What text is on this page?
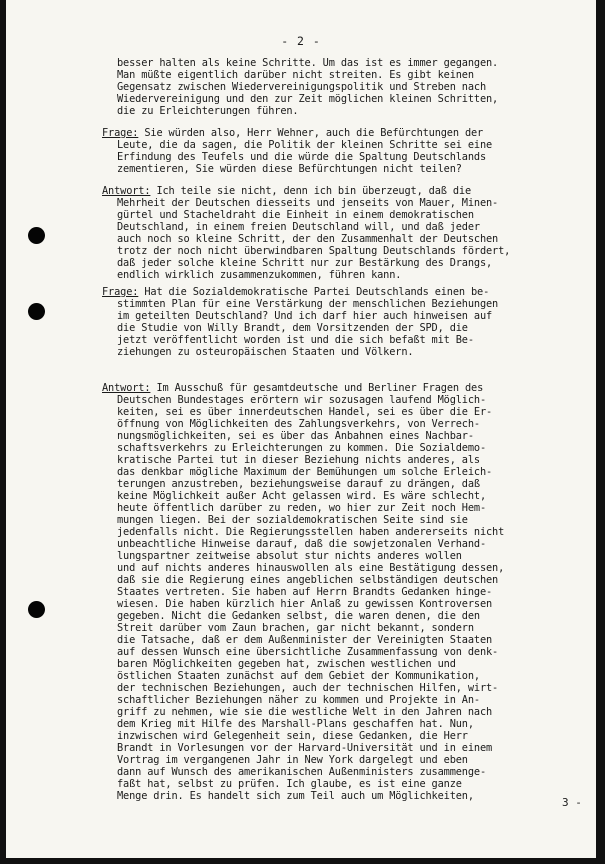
- 2 -
besser halten als keine Schritte. Um das ist es immer gegangen.
Man müßte eigentlich darüber nicht streiten. Es gibt keinen
Gegensatz zwischen Wiedervereinigungspolitik und Streben nach
Wiedervereinigung und den zur Zeit möglichen kleinen Schritten,
die zu Erleichterungen führen.
Frage: Sie würden also, Herr Wehner, auch die Befürchtungen der
Leute, die da sagen, die Politik der kleinen Schritte sei eine
Erfindung des Teufels und die würde die Spaltung Deutschlands
zementieren, Sie würden diese Befürchtungen nicht teilen?
Antwort: Ich teile sie nicht, denn ich bin überzeugt, daß die
Mehrheit der Deutschen diesseits und jenseits von Mauer, Minen-
gürtel und Stacheldraht die Einheit in einem demokratischen
Deutschland, in einem freien Deutschland will, und daß jeder
auch noch so kleine Schritt, der den Zusammenhalt der Deutschen
trotz der noch nicht überwindbaren Spaltung Deutschlands fördert,
daß jeder solche kleine Schritt nur zur Bestärkung des Drangs,
endlich wirklich zusammenzukommen, führen kann.
Frage: Hat die Sozialdemokratische Partei Deutschlands einen be-
stimmten Plan für eine Verstärkung der menschlichen Beziehungen
im geteilten Deutschland? Und ich darf hier auch hinweisen auf
die Studie von Willy Brandt, dem Vorsitzenden der SPD, die
jetzt veröffentlicht worden ist und die sich befaßt mit Be-
ziehungen zu osteuropäischen Staaten und Völkern.
Antwort: Im Ausschuß für gesamtdeutsche und Berliner Fragen des
Deutschen Bundestages erörtern wir sozusagen laufend Möglich-
keiten, sei es über innerdeutschen Handel, sei es über die Er-
öffnung von Möglichkeiten des Zahlungsverkehrs, von Verrech-
nungsmöglichkeiten, sei es über das Anbahnen eines Nachbar-
schaftsverkehrs zu Erleichterungen zu kommen. Die Sozialdemo-
kratische Partei tut in dieser Beziehung nichts anderes, als
das denkbar mögliche Maximum der Bemühungen um solche Erleich-
terungen anzustreben, beziehungsweise darauf zu drängen, daß
keine Möglichkeit außer Acht gelassen wird. Es wäre schlecht,
heute öffentlich darüber zu reden, wo hier zur Zeit noch Hem-
mungen liegen. Bei der sozialdemokratischen Seite sind sie
jedenfalls nicht. Die Regierungsstellen haben andererseits nicht
unbeachtliche Hinweise darauf, daß die sowjetzonalen Verhand-
lungspartner zeitweise absolut stur nichts anderes wollen
und auf nichts anderes hinauswollen als eine Bestätigung dessen,
daß sie die Regierung eines angeblichen selbständigen deutschen
Staates vertreten. Sie haben auf Herrn Brandts Gedanken hinge-
wiesen. Die haben kürzlich hier Anlaß zu gewissen Kontroversen
gegeben. Nicht die Gedanken selbst, die waren denen, die den
Streit darüber vom Zaun brachen, gar nicht bekannt, sondern
die Tatsache, daß er dem Außenminister der Vereinigten Staaten
auf dessen Wunsch eine übersichtliche Zusammenfassung von denk-
baren Möglichkeiten gegeben hat, zwischen westlichen und
östlichen Staaten zunächst auf dem Gebiet der Kommunikation,
der technischen Beziehungen, auch der technischen Hilfen, wirt-
schaftlicher Beziehungen näher zu kommen und Projekte in An-
griff zu nehmen, wie sie die westliche Welt in den Jahren nach
dem Krieg mit Hilfe des Marshall-Plans geschaffen hat. Nun,
inzwischen wird Gelegenheit sein, diese Gedanken, die Herr
Brandt in Vorlesungen vor der Harvard-Universität und in einem
Vortrag im vergangenen Jahr in New York dargelegt und eben
dann auf Wunsch des amerikanischen Außenministers zusammenge-
faßt hat, selbst zu prüfen. Ich glaube, es ist eine ganze
Menge drin. Es handelt sich zum Teil auch um Möglichkeiten,	3 -
